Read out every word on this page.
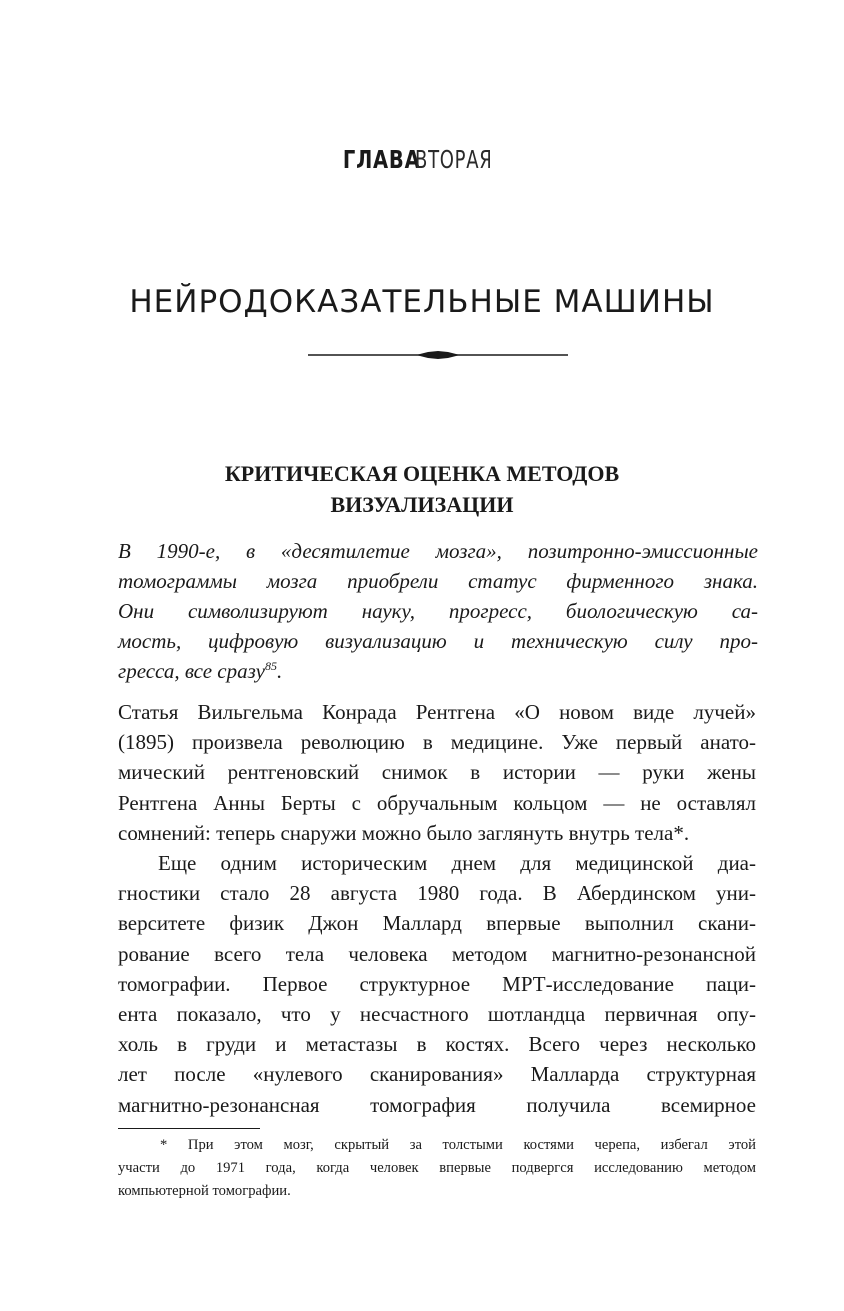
ГЛАВАВТОРАЯ
НЕЙРОДОКАЗАТЕЛЬНЫЕ МАШИНЫ
КРИТИЧЕСКАЯ ОЦЕНКА МЕТОДОВ
ВИЗУАЛИЗАЦИИ
В 1990-е, в «десятилетие мозга», позитронно-эмиссионные
томограммы мозга приобрели статус фирменного знака.
Они символизируют науку, прогресс, биологическую са-
мость, цифровую визуализацию и техническую силу про-
гресса, все сразу$^{85}$.
Статья Вильгельма Конрада Рентгена «О новом виде лучей»
(1895) произвела революцию в медицине. Уже первый анато-
мический рентгеновский снимок в истории — руки жены
Рентгена Анны Берты с обручальным кольцом — не оставлял
сомнений: теперь снаружи можно было заглянуть внутрь тела*.
Еще одним историческим днем для медицинской диа-
гностики стало 28 августа 1980 года. В Абердинском уни-
верситете физик Джон Маллард впервые выполнил скани-
рование всего тела человека методом магнитно-резонансной
томографии. Первое структурное МРТ-исследование паци-
ента показало, что у несчастного шотландца первичная опу-
холь в груди и метастазы в костях. Всего через несколько
лет после «нулевого сканирования» Малларда структурная
магнитно-резонансная томография получила всемирное
* При этом мозг, скрытый за толстыми костями черепа, избегал этой
участи до 1971 года, когда человек впервые подвергся исследованию методом
компьютерной томографии.
